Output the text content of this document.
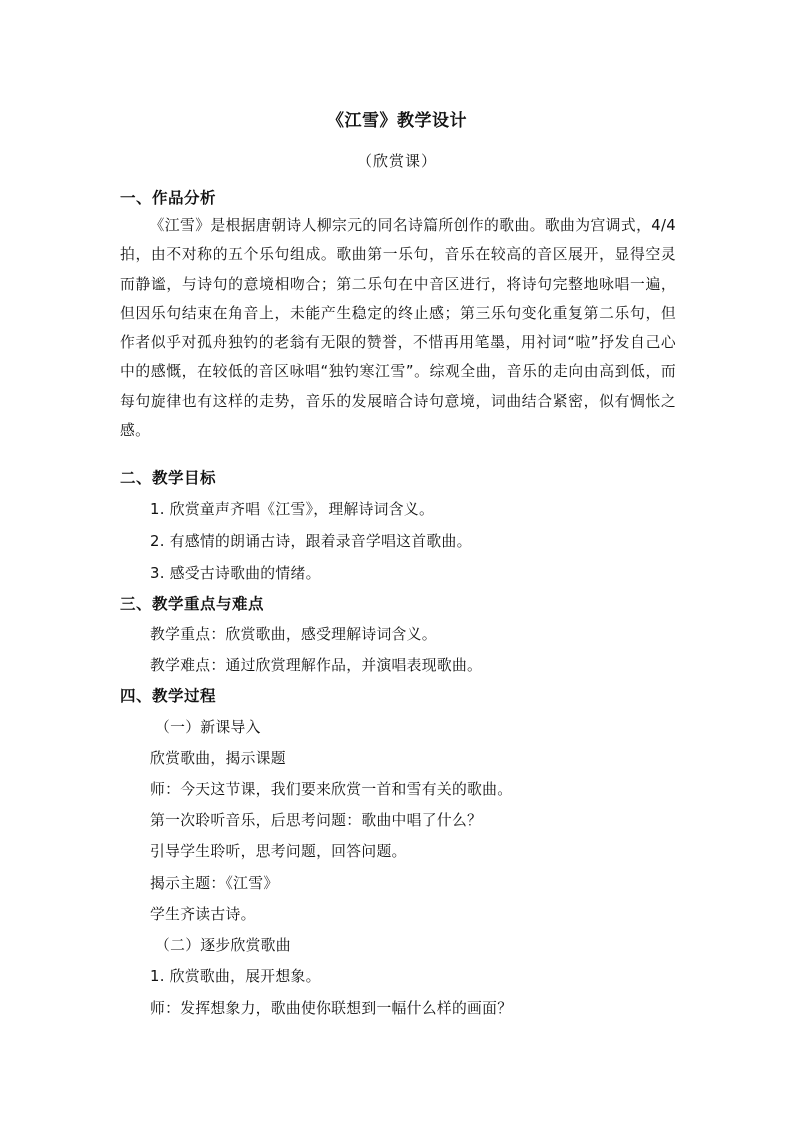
《江雪》教学设计
（欣赏课）
一、作品分析
《江雪》是根据唐朝诗人柳宗元的同名诗篇所创作的歌曲。歌曲为宫调式，4/4拍，由不对称的五个乐句组成。歌曲第一乐句，音乐在较高的音区展开，显得空灵而静谧，与诗句的意境相吻合；第二乐句在中音区进行，将诗句完整地咏唱一遍，但因乐句结束在角音上，未能产生稳定的终止感；第三乐句变化重复第二乐句，但作者似乎对孤舟独钓的老翁有无限的赞誉，不惜再用笔墨，用衬词“啦”抒发自己心中的感慨，在较低的音区咏唱“独钓寒江雪”。综观全曲，音乐的走向由高到低，而每句旋律也有这样的走势，音乐的发展暗合诗句意境，词曲结合紧密，似有惆怅之感。
二、教学目标
1. 欣赏童声齐唱《江雪》，理解诗词含义。
2. 有感情的朗诵古诗，跟着录音学唱这首歌曲。
3. 感受古诗歌曲的情绪。
三、教学重点与难点
教学重点：欣赏歌曲，感受理解诗词含义。
教学难点：通过欣赏理解作品，并演唱表现歌曲。
四、教学过程
（一）新课导入
欣赏歌曲，揭示课题
师：今天这节课，我们要来欣赏一首和雪有关的歌曲。
第一次聆听音乐，后思考问题：歌曲中唱了什么？
引导学生聆听，思考问题，回答问题。
揭示主题：《江雪》
学生齐读古诗。
（二）逐步欣赏歌曲
1. 欣赏歌曲，展开想象。
师：发挥想象力，歌曲使你联想到一幅什么样的画面？
